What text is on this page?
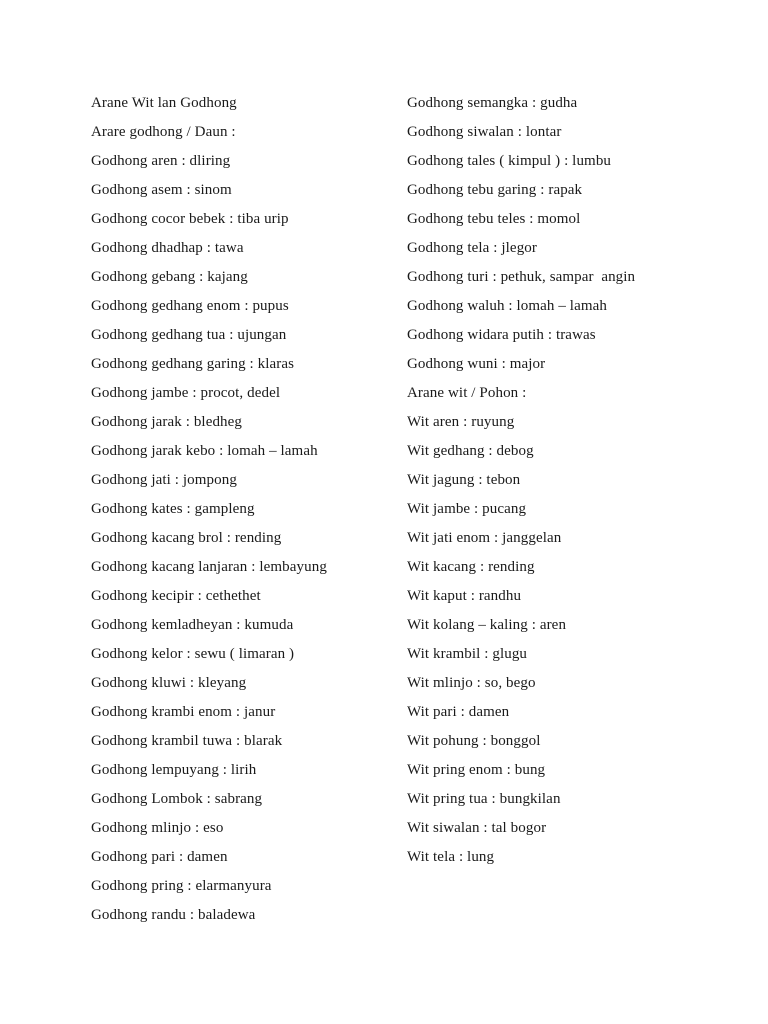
Arane Wit lan Godhong
Arare godhong / Daun :
Godhong aren : dliring
Godhong asem : sinom
Godhong cocor bebek : tiba urip
Godhong dhadhap : tawa
Godhong gebang : kajang
Godhong gedhang enom : pupus
Godhong gedhang tua : ujungan
Godhong gedhang garing : klaras
Godhong jambe : procot, dedel
Godhong jarak : bledheg
Godhong jarak kebo : lomah – lamah
Godhong jati : jompong
Godhong kates : gampleng
Godhong kacang brol : rending
Godhong kacang lanjaran : lembayung
Godhong kecipir : cethethet
Godhong kemladheyan : kumuda
Godhong kelor : sewu ( limaran )
Godhong kluwi : kleyang
Godhong krambi enom : janur
Godhong krambil tuwa : blarak
Godhong lempuyang : lirih
Godhong Lombok : sabrang
Godhong mlinjo : eso
Godhong pari : damen
Godhong pring : elarmanyura
Godhong randu : baladewa
Godhong semangka : gudha
Godhong siwalan : lontar
Godhong tales ( kimpul ) : lumbu
Godhong tebu garing : rapak
Godhong tebu teles : momol
Godhong tela : jlegor
Godhong turi : pethuk, sampar  angin
Godhong waluh : lomah – lamah
Godhong widara putih : trawas
Godhong wuni : major
Arane wit / Pohon :
Wit aren : ruyung
Wit gedhang : debog
Wit jagung : tebon
Wit jambe : pucang
Wit jati enom : janggelan
Wit kacang : rending
Wit kaput : randhu
Wit kolang – kaling : aren
Wit krambil : glugu
Wit mlinjo : so, bego
Wit pari : damen
Wit pohung : bonggol
Wit pring enom : bung
Wit pring tua : bungkilan
Wit siwalan : tal bogor
Wit tela : lung
